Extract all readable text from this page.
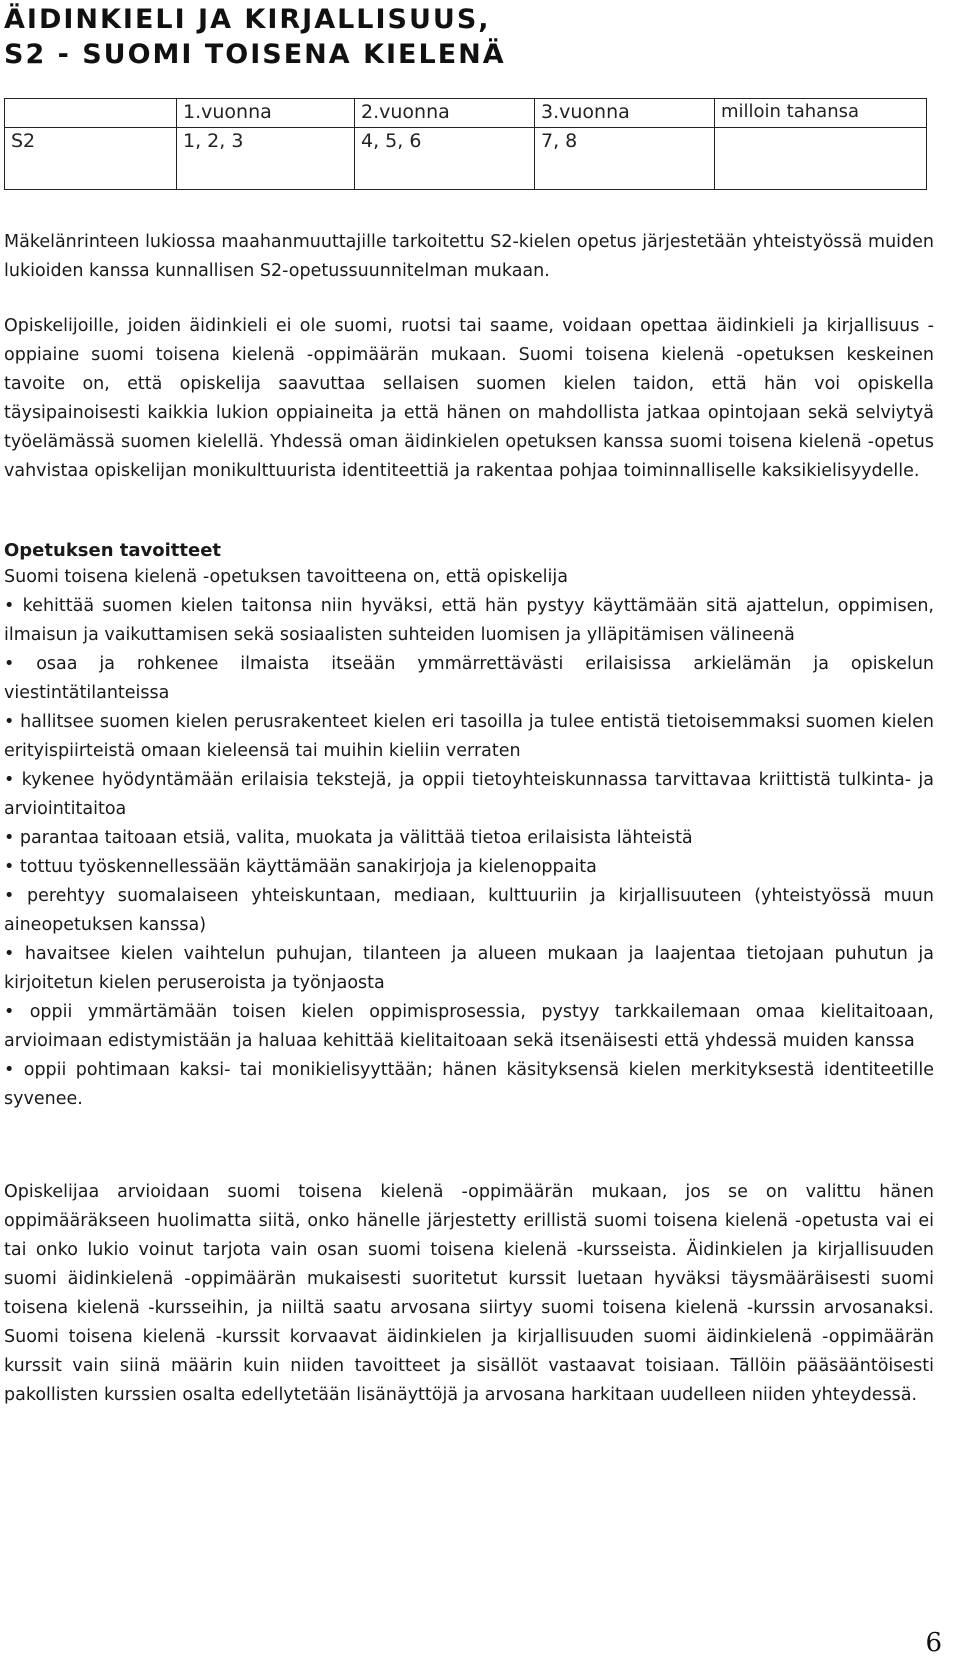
ÄIDINKIELI JA KIRJALLISUUS,
S2 - SUOMI TOISENA KIELENÄ
	1.vuonna	2.vuonna	3.vuonna	milloin tahansa
S2	1, 2, 3	4, 5, 6	7, 8	

Mäkelänrinteen lukiossa maahanmuuttajille tarkoitettu S2-kielen opetus järjestetään yhteistyössä muiden lukioiden kanssa kunnallisen S2-opetussuunnitelman mukaan.

Opiskelijoille, joiden äidinkieli ei ole suomi, ruotsi tai saame, voidaan opettaa äidinkieli ja kirjallisuus -oppiaine suomi toisena kielenä -oppimäärän mukaan. Suomi toisena kielenä -opetuksen keskeinen tavoite on, että opiskelija saavuttaa sellaisen suomen kielen taidon, että hän voi opiskella täysipainoisesti kaikkia lukion oppiaineita ja että hänen on mahdollista jatkaa opintojaan sekä selviytyä työelämässä suomen kielellä. Yhdessä oman äidinkielen opetuksen kanssa suomi toisena kielenä -opetus vahvistaa opiskelijan monikulttuurista identiteettiä ja rakentaa pohjaa toiminnalliselle kaksikielisyydelle.

Opetuksen tavoitteet
Suomi toisena kielenä -opetuksen tavoitteena on, että opiskelija
• kehittää suomen kielen taitonsa niin hyväksi, että hän pystyy käyttämään sitä ajattelun, oppimisen, ilmaisun ja vaikuttamisen sekä sosiaalisten suhteiden luomisen ja ylläpitämisen välineenä
• osaa ja rohkenee ilmaista itseään ymmärrettävästi erilaisissa arkielämän ja opiskelun viestintätilanteissa
• hallitsee suomen kielen perusrakenteet kielen eri tasoilla ja tulee entistä tietoisemmaksi suomen kielen erityispiirteistä omaan kieleensä tai muihin kieliin verraten
• kykenee hyödyntämään erilaisia tekstejä, ja oppii tietoyhteiskunnassa tarvittavaa kriittistä tulkinta- ja arviointitaitoa
• parantaa taitoaan etsiä, valita, muokata ja välittää tietoa erilaisista lähteistä
• tottuu työskennellessään käyttämään sanakirjoja ja kielenoppaita
• perehtyy suomalaiseen yhteiskuntaan, mediaan, kulttuuriin ja kirjallisuuteen (yhteistyössä muun aineopetuksen kanssa)
• havaitsee kielen vaihtelun puhujan, tilanteen ja alueen mukaan ja laajentaa tietojaan puhutun ja kirjoitetun kielen peruseroista ja työnjaosta
• oppii ymmärtämään toisen kielen oppimisprosessia, pystyy tarkkailemaan omaa kielitaitoaan, arvioimaan edistymistään ja haluaa kehittää kielitaitoaan sekä itsenäisesti että yhdessä muiden kanssa
• oppii pohtimaan kaksi- tai monikielisyyttään; hänen käsityksensä kielen merkityksestä identiteetille syvenee.

Opiskelijaa arvioidaan suomi toisena kielenä -oppimäärän mukaan, jos se on valittu hänen oppimääräkseen huolimatta siitä, onko hänelle järjestetty erillistä suomi toisena kielenä -opetusta vai ei tai onko lukio voinut tarjota vain osan suomi toisena kielenä -kursseista. Äidinkielen ja kirjallisuuden suomi äidinkielenä -oppimäärän mukaisesti suoritetut kurssit luetaan hyväksi täysmääräisesti suomi toisena kielenä -kursseihin, ja niiltä saatu arvosana siirtyy suomi toisena kielenä -kurssin arvosanaksi. Suomi toisena kielenä -kurssit korvaavat äidinkielen ja kirjallisuuden suomi äidinkielenä -oppimäärän kurssit vain siinä määrin kuin niiden tavoitteet ja sisällöt vastaavat toisiaan. Tällöin pääsääntöisesti pakollisten kurssien osalta edellytetään lisänäyttöjä ja arvosana harkitaan uudelleen niiden yhteydessä.

6
